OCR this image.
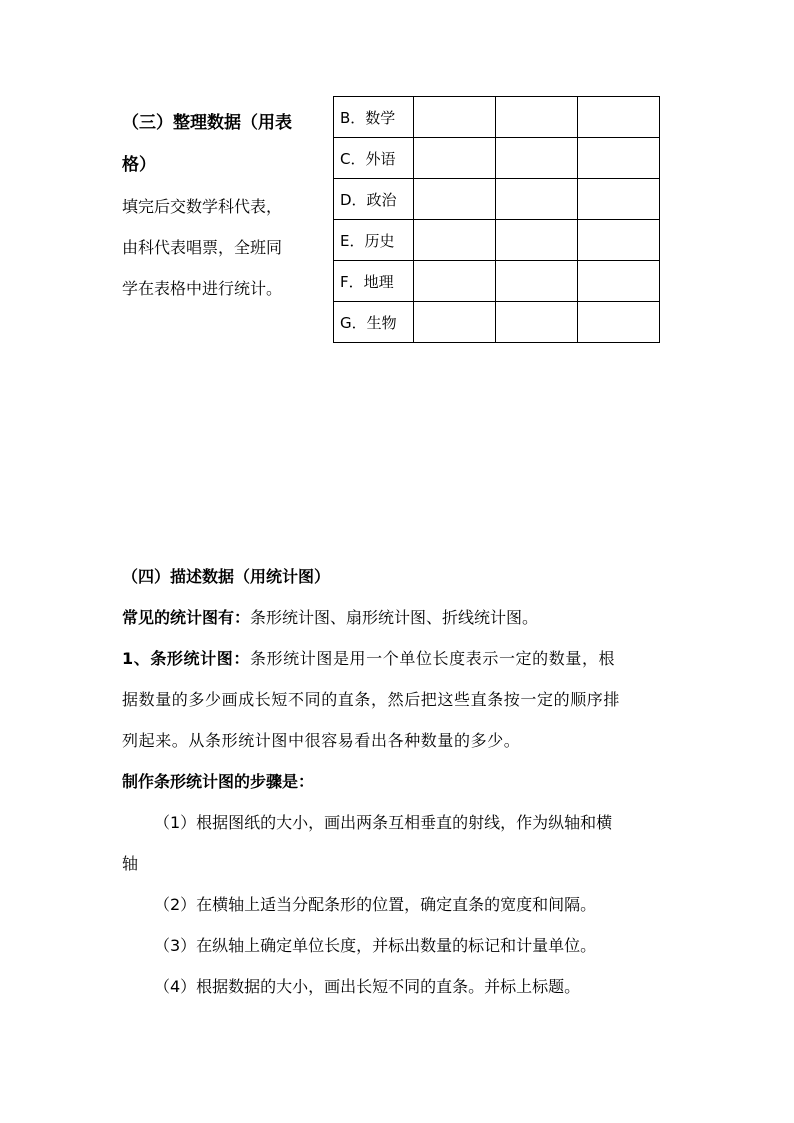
（三）整理数据（用表

格）

填完后交数学科代表，

由科代表唱票，全班同

学在表格中进行统计。

B．数学			
C．外语			
D．政治			
E．历史			
F．地理			
G．生物			

（四）描述数据（用统计图）

常见的统计图有：条形统计图、扇形统计图、折线统计图。

1、条形统计图：条形统计图是用一个单位长度表示一定的数量，根

据数量的多少画成长短不同的直条，然后把这些直条按一定的顺序排

列起来。从条形统计图中很容易看出各种数量的多少。

制作条形统计图的步骤是：

（1）根据图纸的大小，画出两条互相垂直的射线，作为纵轴和横

轴

（2）在横轴上适当分配条形的位置，确定直条的宽度和间隔。

（3）在纵轴上确定单位长度，并标出数量的标记和计量单位。

（4）根据数据的大小，画出长短不同的直条。并标上标题。
